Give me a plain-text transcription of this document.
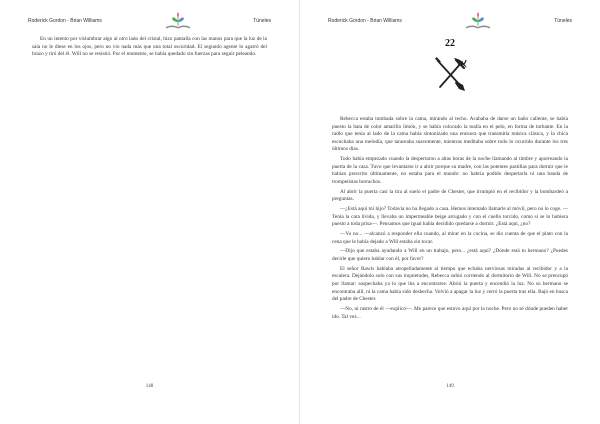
Roderick Gordon - Brian Williams	Túneles

En un intento por vislumbrar algo al otro lado del cristal, hizo pantalla con las manos para que la luz de la sala no le diese en los ojos, pero no vio nada más que una total oscuridad. El segundo agente lo agarró del brazo y tiró del él. Will no se resistió. Por el momento, se había quedado sin fuerzas para seguir peleando.

148
Roderick Gordon - Brian Williams	Túneles
22

Rebecca estaba tumbada sobre la cama, mirando al techo. Acababa de darse un baño caliente, se había puesto la bata de color amarillo limón, y se había colocado la toalla en el pelo, en forma de turbante. En la radio que tenía al lado de la cama había sintonizado una emisora que transmitía música clásica, y la chica escuchaba una melodía, que tarareaba suavemente, mientras meditaba sobre todo lo ocurrido durante los tres últimos días.

Todo había empezado cuando la despertaron a altas horas de la noche llamando al timbre y aporreando la puerta de la casa. Tuvo que levantarse ir a abrir porque su madre, con las potentes pastillas para dormir que le habían prescrito últimamente, no estaba para el mundo: no habría podido despertarla ni una banda de trompetistas borrachos.

Al abrir la puerta casi la tira al suelo el padre de Chester, que irrumpió en el recibidor y la bombardeó a preguntas.

—¿Está aquí mi hijo? Todavía no ha llegado a casa. Hemos intentado llamarle al móvil, pero no lo coge. —Tenía la cara lívida, y llevaba un impermeable beige arrugado y con el cuello torcido, como si se lo hubiera puesto a toda prisa—. Pensamos que igual había decidido quedarse a dormir. ¿Está aquí, ¿no?

—Yo no... —alcanzó a responder ella cuando, al mirar en la cocina, se dio cuenta de que el plato con la cena que le había dejado a Will estaba sin tocar.

—Dijo que estaba ayudando a Will en un trabajo, pero... ¿está aquí? ¿Dónde está tu hermano? ¿Puedes decirle que quiero hablar con él, por favor?

El señor Rawls hablaba atropelladamente al tiempo que echaba nerviosas miradas al recibidor y a la escalera. Dejándolo solo con sus inquietudes, Rebecca subió corriendo al dormitorio de Will. No se preocupó por llamar: sospechaba ya lo que iba a encontrarse. Abrió la puerta y encendió la luz. No su hermano se encontraba allí, ni la cama había sido deshecha. Volvió a apagar la luz y cerró la puerta tras ella. Bajó en busca del padre de Chester.

—No, ni rastro de él —explicó—. Me parece que estuvo aquí por la noche. Pero no sé dónde pueden haber ido. Tal vez...

149
